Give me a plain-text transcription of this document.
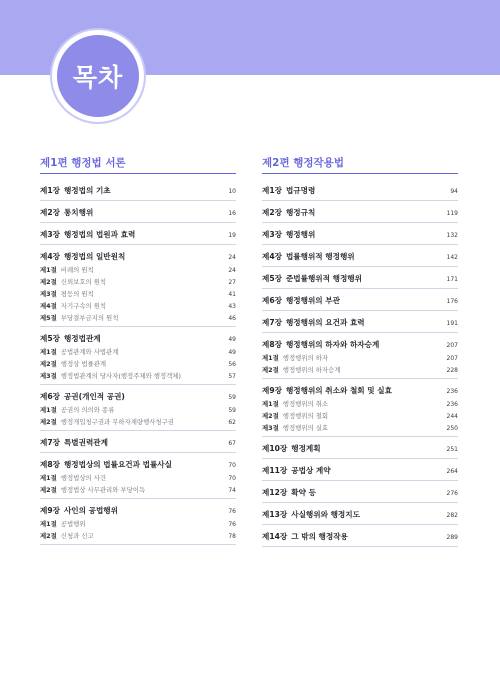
목차
제1편 행정법 서론
제1장 행정법의 기초	10
제2장 통치행위	16
제3장 행정법의 법원과 효력	19
제4장 행정법의 일반원칙	24
제1절 비례의 원칙	24
제2절 신뢰보호의 원칙	27
제3절 평등의 원칙	41
제4절 자기구속의 원칙	43
제5절 부당결부금지의 원칙	46
제5장 행정법관계	49
제1절 공법관계와 사법관계	49
제2절 행정상 법률관계	56
제3절 행정법관계의 당사자(행정주체와 행정객체)	57
제6장 공권(개인적 공권)	59
제1절 공권의 의의와 종류	59
제2절 행정개입청구권과 무하자재량행사청구권	62
제7장 특별권력관계	67
제8장 행정법상의 법률요건과 법률사실	70
제1절 행정법상의 사건	70
제2절 행정법상 사무관리와 부당이득	74
제9장 사인의 공법행위	76
제1절 공법행위	76
제2절 신청과 신고	78
제2편 행정작용법
제1장 법규명령	94
제2장 행정규칙	119
제3장 행정행위	132
제4장 법률행위적 행정행위	142
제5장 준법률행위적 행정행위	171
제6장 행정행위의 부관	176
제7장 행정행위의 요건과 효력	191
제8장 행정행위의 하자와 하자승계	207
제1절 행정행위의 하자	207
제2절 행정행위의 하자승계	228
제9장 행정행위의 취소와 철회 및 실효	236
제1절 행정행위의 취소	236
제2절 행정행위의 철회	244
제3절 행정행위의 실효	250
제10장 행정계획	251
제11장 공법상 계약	264
제12장 확약 등	276
제13장 사실행위와 행정지도	282
제14장 그 밖의 행정작용	289
